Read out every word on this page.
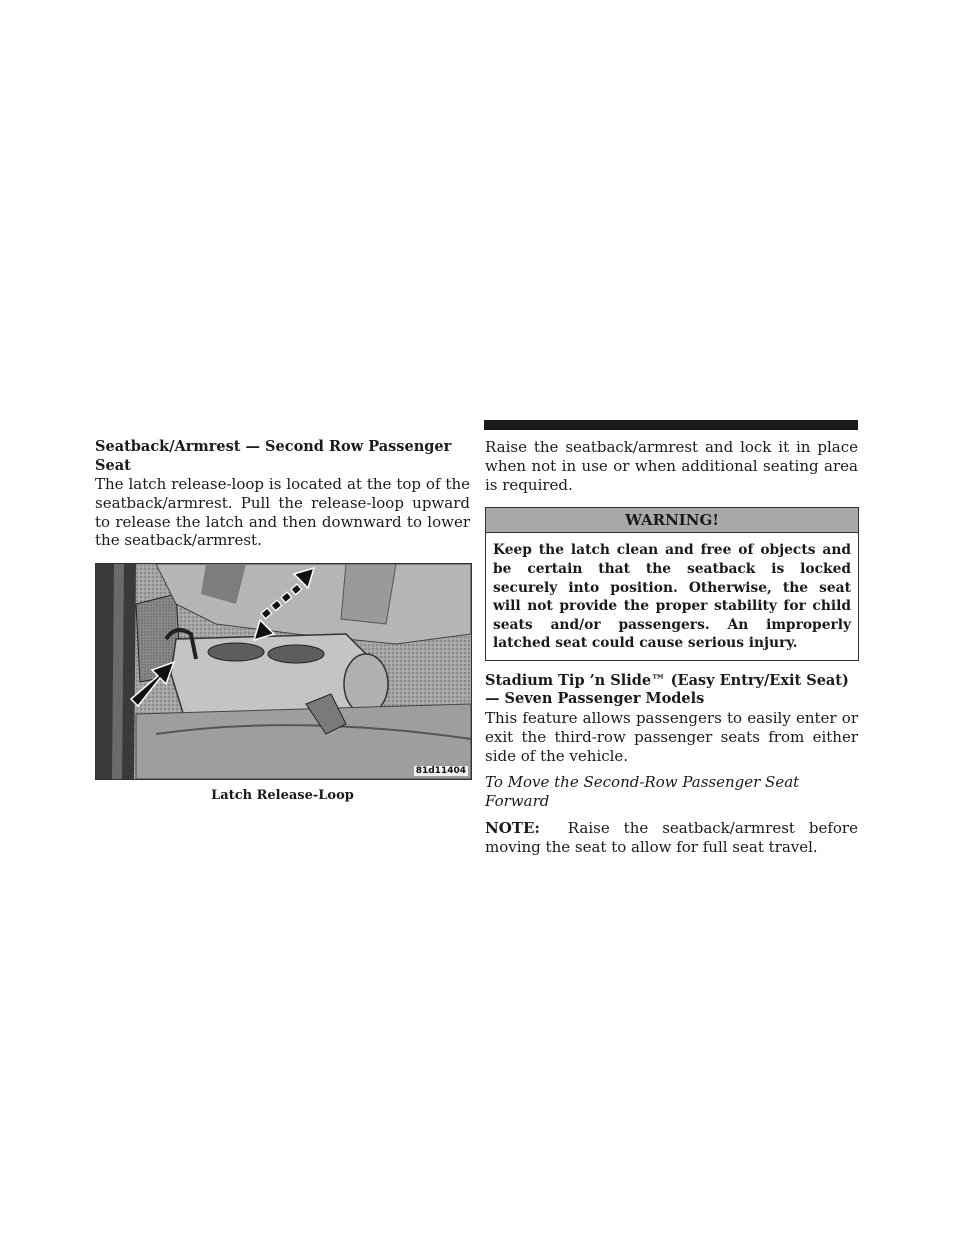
Seatback/Armrest — Second Row Passenger Seat

The latch release-loop is located at the top of the seatback/armrest. Pull the release-loop upward to release the latch and then downward to lower the seatback/armrest.

81d11404
Latch Release-Loop

Raise the seatback/armrest and lock it in place when not in use or when additional seating area is required.

WARNING!
Keep the latch clean and free of objects and be certain that the seatback is locked securely into position. Otherwise, the seat will not provide the proper stability for child seats and/or passengers. An improperly latched seat could cause serious injury.

Stadium Tip ’n Slide™ (Easy Entry/Exit Seat) — Seven Passenger Models

This feature allows passengers to easily enter or exit the third-row passenger seats from either side of the vehicle.

To Move the Second-Row Passenger Seat Forward

NOTE: Raise the seatback/armrest before moving the seat to allow for full seat travel.
